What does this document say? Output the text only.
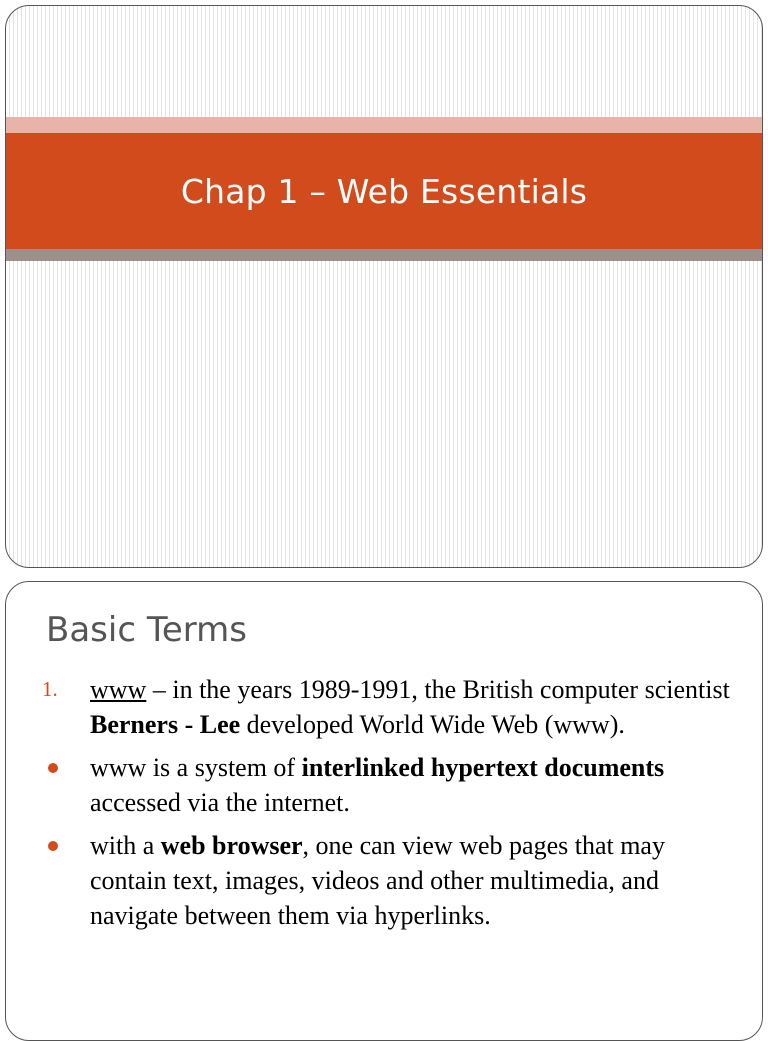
Chap 1 – Web Essentials
Basic Terms
1. www – in the years 1989-1991, the British computer scientist Berners - Lee developed World Wide Web (www).
www is a system of interlinked hypertext documents accessed via the internet.
with a web browser, one can view web pages that may contain text, images, videos and other multimedia, and navigate between them via hyperlinks.
